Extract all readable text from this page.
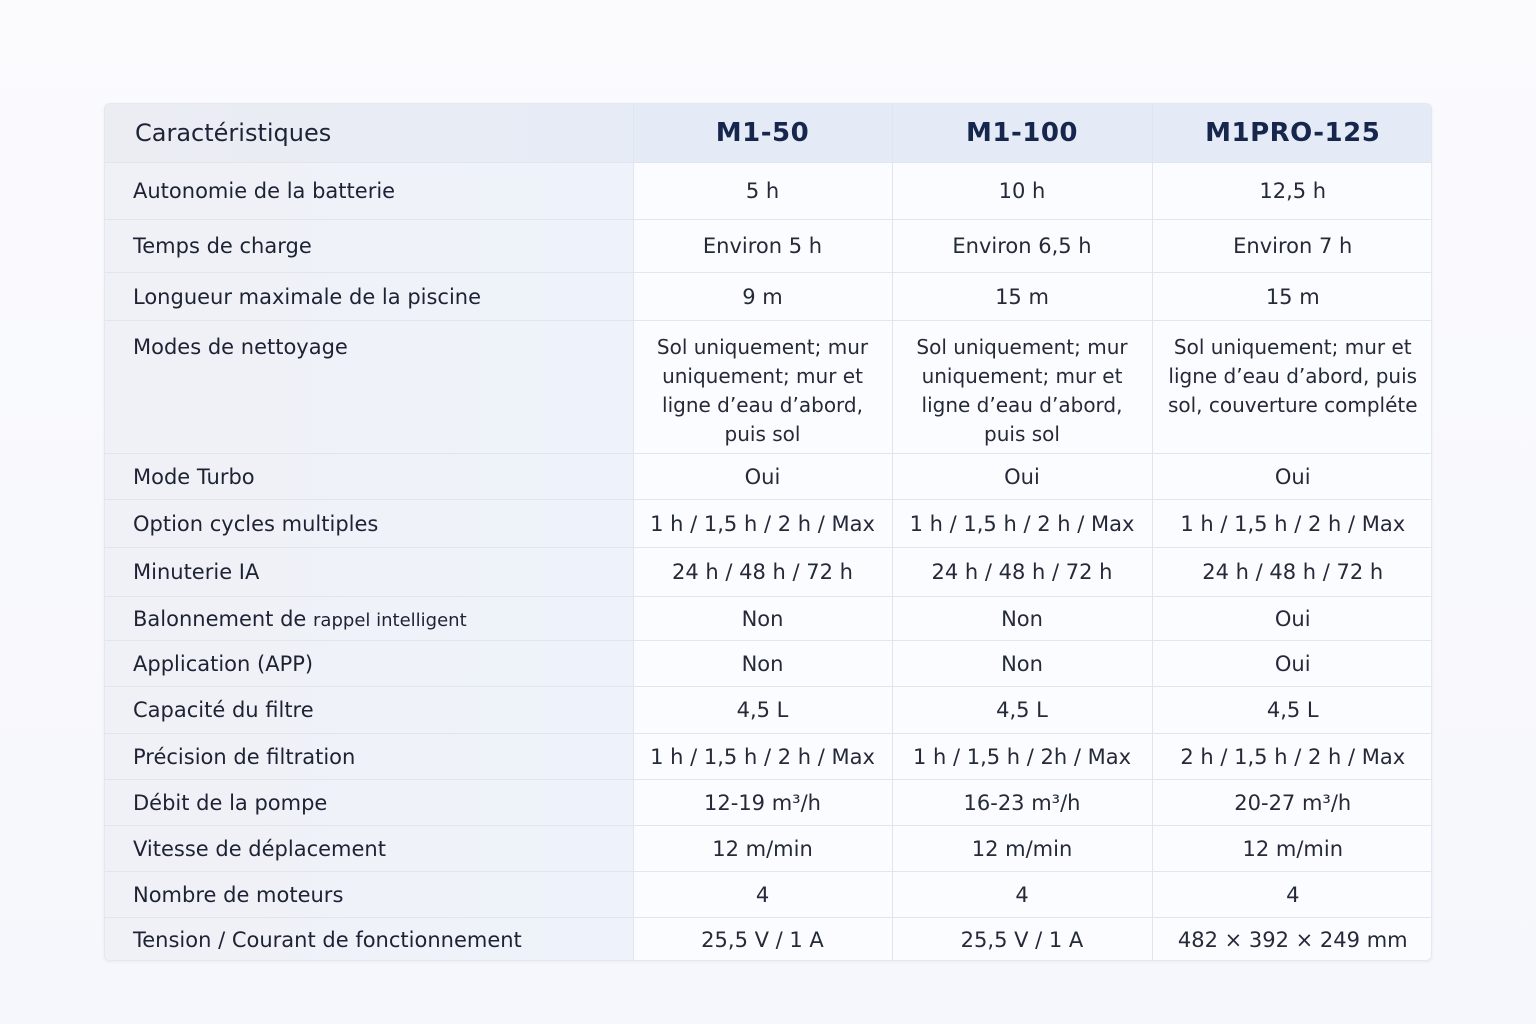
Caractéristiques	M1-50	M1-100	M1PRO-125
Autonomie de la batterie	5 h	10 h	12,5 h
Temps de charge	Environ 5 h	Environ 6,5 h	Environ 7 h
Longueur maximale de la piscine	9 m	15 m	15 m
Modes de nettoyage	Sol uniquement; mur uniquement; mur et ligne d’eau d’abord, puis sol	Sol uniquement; mur uniquement; mur et ligne d’eau d’abord, puis sol	Sol uniquement; mur et ligne d’eau d’abord, puis sol, couverture compléte
Mode Turbo	Oui	Oui	Oui
Option cycles multiples	1 h / 1,5 h / 2 h / Max	1 h / 1,5 h / 2 h / Max	1 h / 1,5 h / 2 h / Max
Minuterie IA	24 h / 48 h / 72 h	24 h / 48 h / 72 h	24 h / 48 h / 72 h
Balonnement de rappel intelligent	Non	Non	Oui
Application (APP)	Non	Non	Oui
Capacité du filtre	4,5 L	4,5 L	4,5 L
Précision de filtration	1 h / 1,5 h / 2 h / Max	1 h / 1,5 h / 2h / Max	2 h / 1,5 h / 2 h / Max
Débit de la pompe	12-19 m³/h	16-23 m³/h	20-27 m³/h
Vitesse de déplacement	12 m/min	12 m/min	12 m/min
Nombre de moteurs	4	4	4
Tension / Courant de fonctionnement	25,5 V / 1 A	25,5 V / 1 A	482 × 392 × 249 mm
